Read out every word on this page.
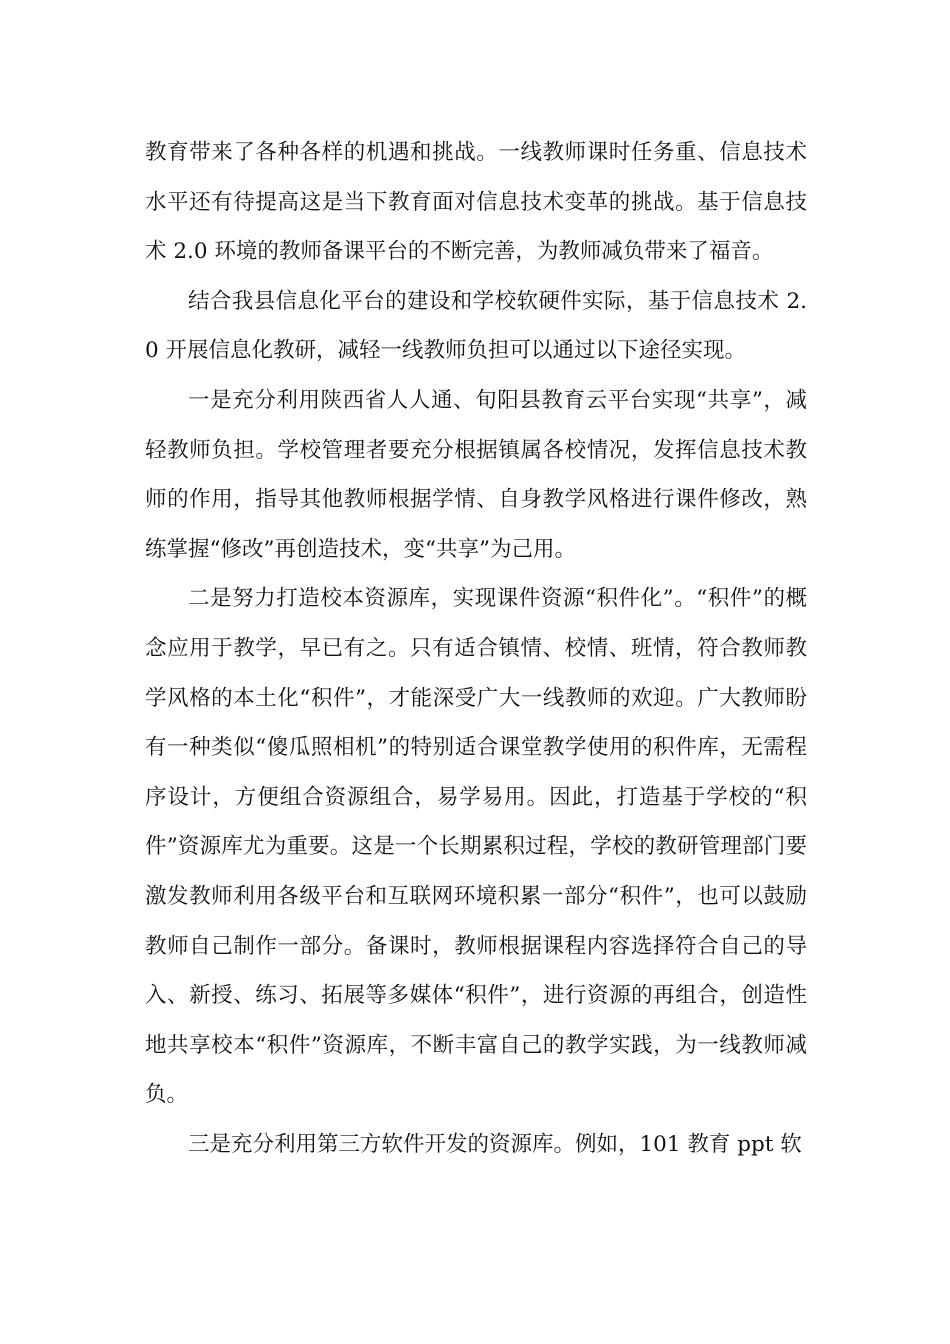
教育带来了各种各样的机遇和挑战。一线教师课时任务重、信息技术水平还有待提高这是当下教育面对信息技术变革的挑战。基于信息技术 2.0 环境的教师备课平台的不断完善，为教师减负带来了福音。

结合我县信息化平台的建设和学校软硬件实际，基于信息技术 2.0 开展信息化教研，减轻一线教师负担可以通过以下途径实现。

一是充分利用陕西省人人通、旬阳县教育云平台实现“共享”，减轻教师负担。学校管理者要充分根据镇属各校情况，发挥信息技术教师的作用，指导其他教师根据学情、自身教学风格进行课件修改，熟练掌握“修改”再创造技术，变“共享”为己用。

二是努力打造校本资源库，实现课件资源“积件化”。“积件”的概念应用于教学，早已有之。只有适合镇情、校情、班情，符合教师教学风格的本土化“积件”，才能深受广大一线教师的欢迎。广大教师盼有一种类似“傻瓜照相机”的特别适合课堂教学使用的积件库，无需程序设计，方便组合资源组合，易学易用。因此，打造基于学校的“积件”资源库尤为重要。这是一个长期累积过程，学校的教研管理部门要激发教师利用各级平台和互联网环境积累一部分“积件”，也可以鼓励教师自己制作一部分。备课时，教师根据课程内容选择符合自己的导入、新授、练习、拓展等多媒体“积件”，进行资源的再组合，创造性地共享校本“积件”资源库，不断丰富自己的教学实践，为一线教师减负。

三是充分利用第三方软件开发的资源库。例如，101 教育 ppt 软
